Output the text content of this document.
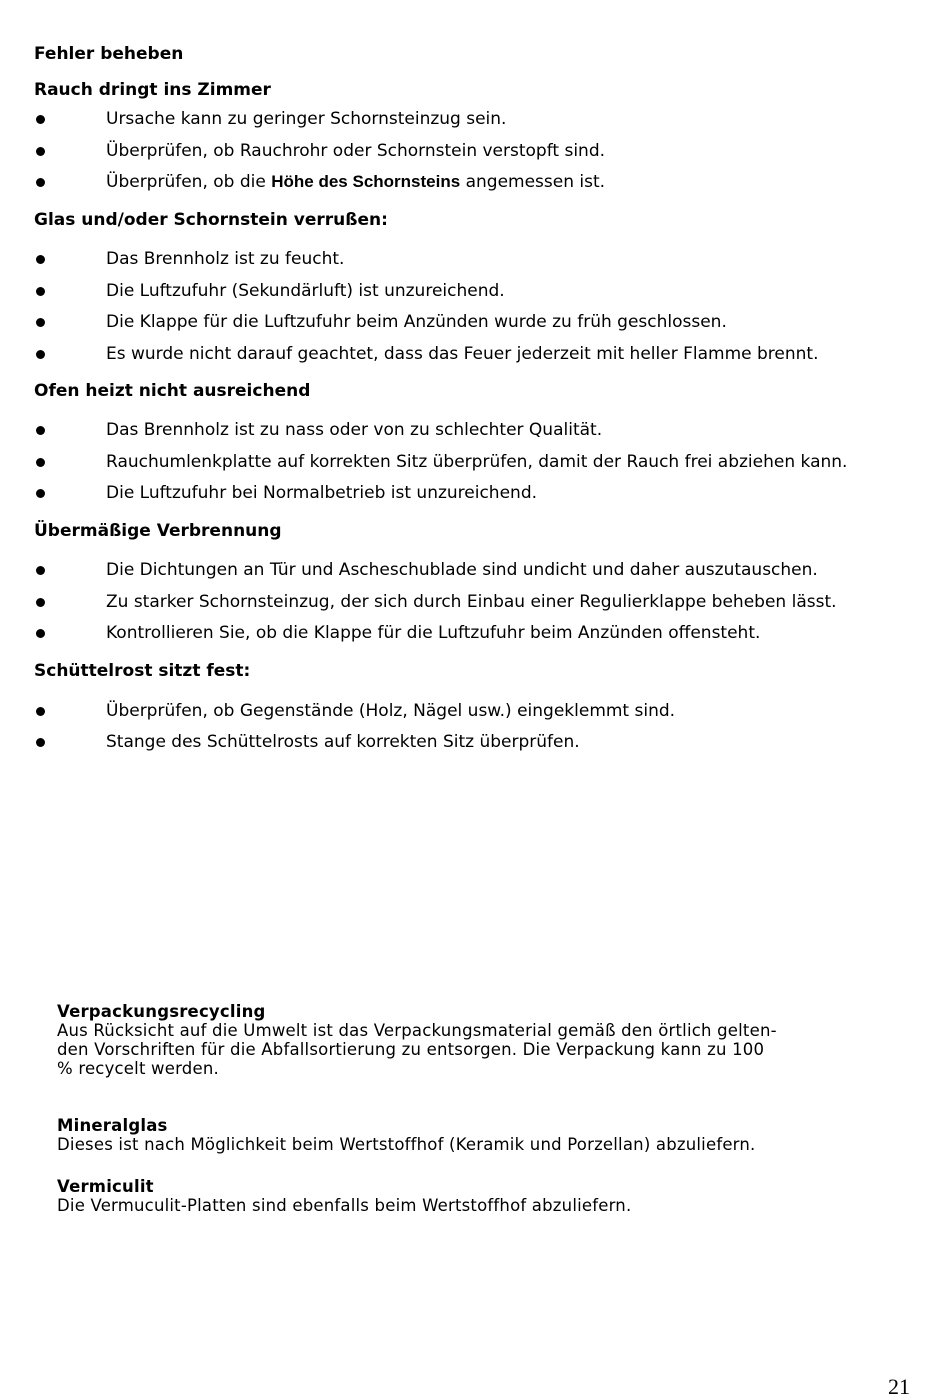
Fehler beheben
Rauch dringt ins Zimmer
Ursache kann zu geringer Schornsteinzug sein.
Überprüfen, ob Rauchrohr oder Schornstein verstopft sind.
Überprüfen, ob die Höhe des Schornsteins angemessen ist.
Glas und/oder Schornstein verrußen:
Das Brennholz ist zu feucht.
Die Luftzufuhr (Sekundärluft) ist unzureichend.
Die Klappe für die Luftzufuhr beim Anzünden wurde zu früh geschlossen.
Es wurde nicht darauf geachtet, dass das Feuer jederzeit mit heller Flamme brennt.
Ofen heizt nicht ausreichend
Das Brennholz ist zu nass oder von zu schlechter Qualität.
Rauchumlenkplatte auf korrekten Sitz überprüfen, damit der Rauch frei abziehen kann.
Die Luftzufuhr bei Normalbetrieb ist unzureichend.
Übermäßige Verbrennung
Die Dichtungen an Tür und Ascheschublade sind undicht und daher auszutauschen.
Zu starker Schornsteinzug, der sich durch Einbau einer Regulierklappe beheben lässt.
Kontrollieren Sie, ob die Klappe für die Luftzufuhr beim Anzünden offensteht.
Schüttelrost sitzt fest:
Überprüfen, ob Gegenstände (Holz, Nägel usw.) eingeklemmt sind.
Stange des Schüttelrosts auf korrekten Sitz überprüfen.
Verpackungsrecycling
Aus Rücksicht auf die Umwelt ist das Verpackungsmaterial gemäß den örtlich gelten-
den Vorschriften für die Abfallsortierung zu entsorgen. Die Verpackung kann zu 100
% recycelt werden.
Mineralglas
Dieses ist nach Möglichkeit beim Wertstoffhof (Keramik und Porzellan) abzuliefern.
Vermiculit
Die Vermuculit-Platten sind ebenfalls beim Wertstoffhof abzuliefern.
21
